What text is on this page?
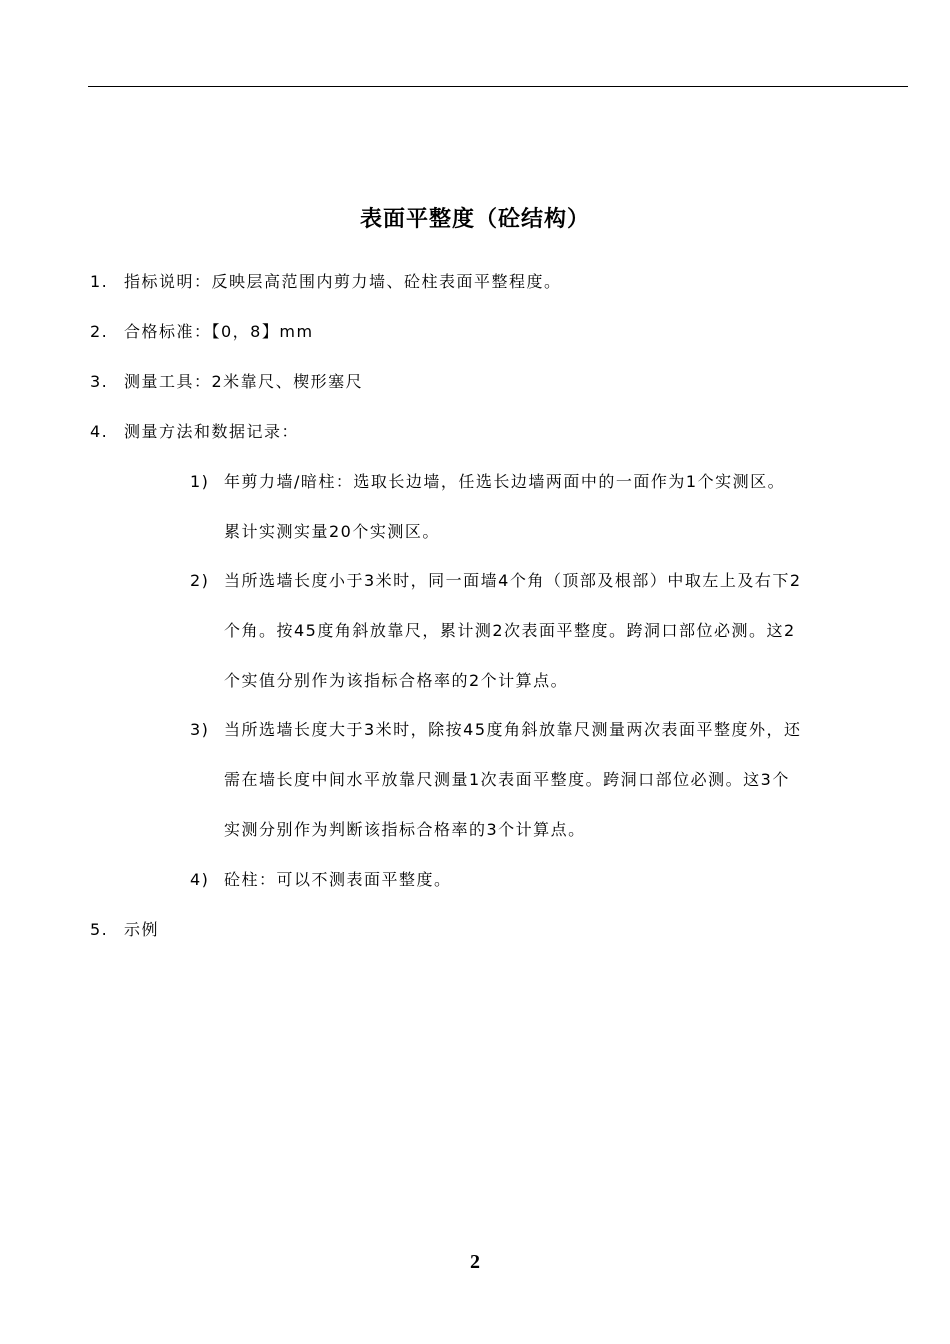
表面平整度（砼结构）
1. 指标说明：反映层高范围内剪力墙、砼柱表面平整程度。
2. 合格标准：【0，8】mm
3. 测量工具：2米靠尺、楔形塞尺
4. 测量方法和数据记录：
1) 年剪力墙/暗柱：选取长边墙，任选长边墙两面中的一面作为1个实测区。
累计实测实量20个实测区。
2) 当所选墙长度小于3米时，同一面墙4个角（顶部及根部）中取左上及右下2
个角。按45度角斜放靠尺，累计测2次表面平整度。跨洞口部位必测。这2
个实值分别作为该指标合格率的2个计算点。
3) 当所选墙长度大于3米时，除按45度角斜放靠尺测量两次表面平整度外，还
需在墙长度中间水平放靠尺测量1次表面平整度。跨洞口部位必测。这3个
实测分别作为判断该指标合格率的3个计算点。
4) 砼柱：可以不测表面平整度。
5. 示例
2
